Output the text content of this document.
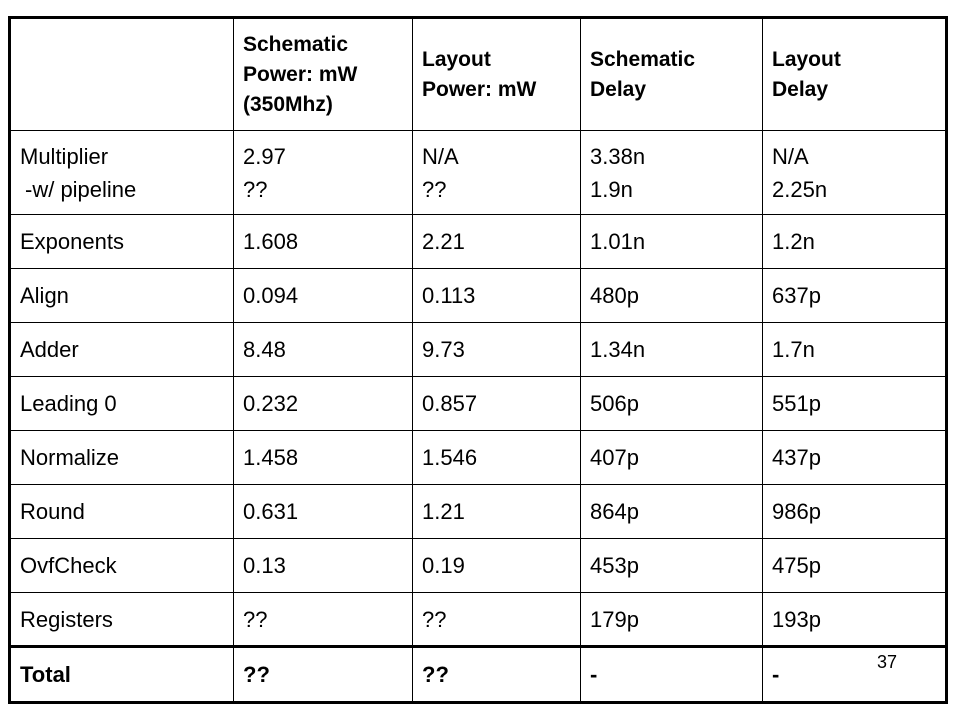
	Schematic
Power: mW
(350Mhz)	Layout
Power: mW	Schematic
Delay	Layout
Delay

Multiplier
-w/ pipeline	2.97
??	N/A
??	3.38n
1.9n	N/A
2.25n

Exponents	1.608	2.21	1.01n	1.2n

Align	0.094	0.113	480p	637p

Adder	8.48	9.73	1.34n	1.7n

Leading 0	0.232	0.857	506p	551p

Normalize	1.458	1.546	407p	437p

Round	0.631	1.21	864p	986p

OvfCheck	0.13	0.19	453p	475p

Registers	??	??	179p	193p

Total	??	??	-	-	37
